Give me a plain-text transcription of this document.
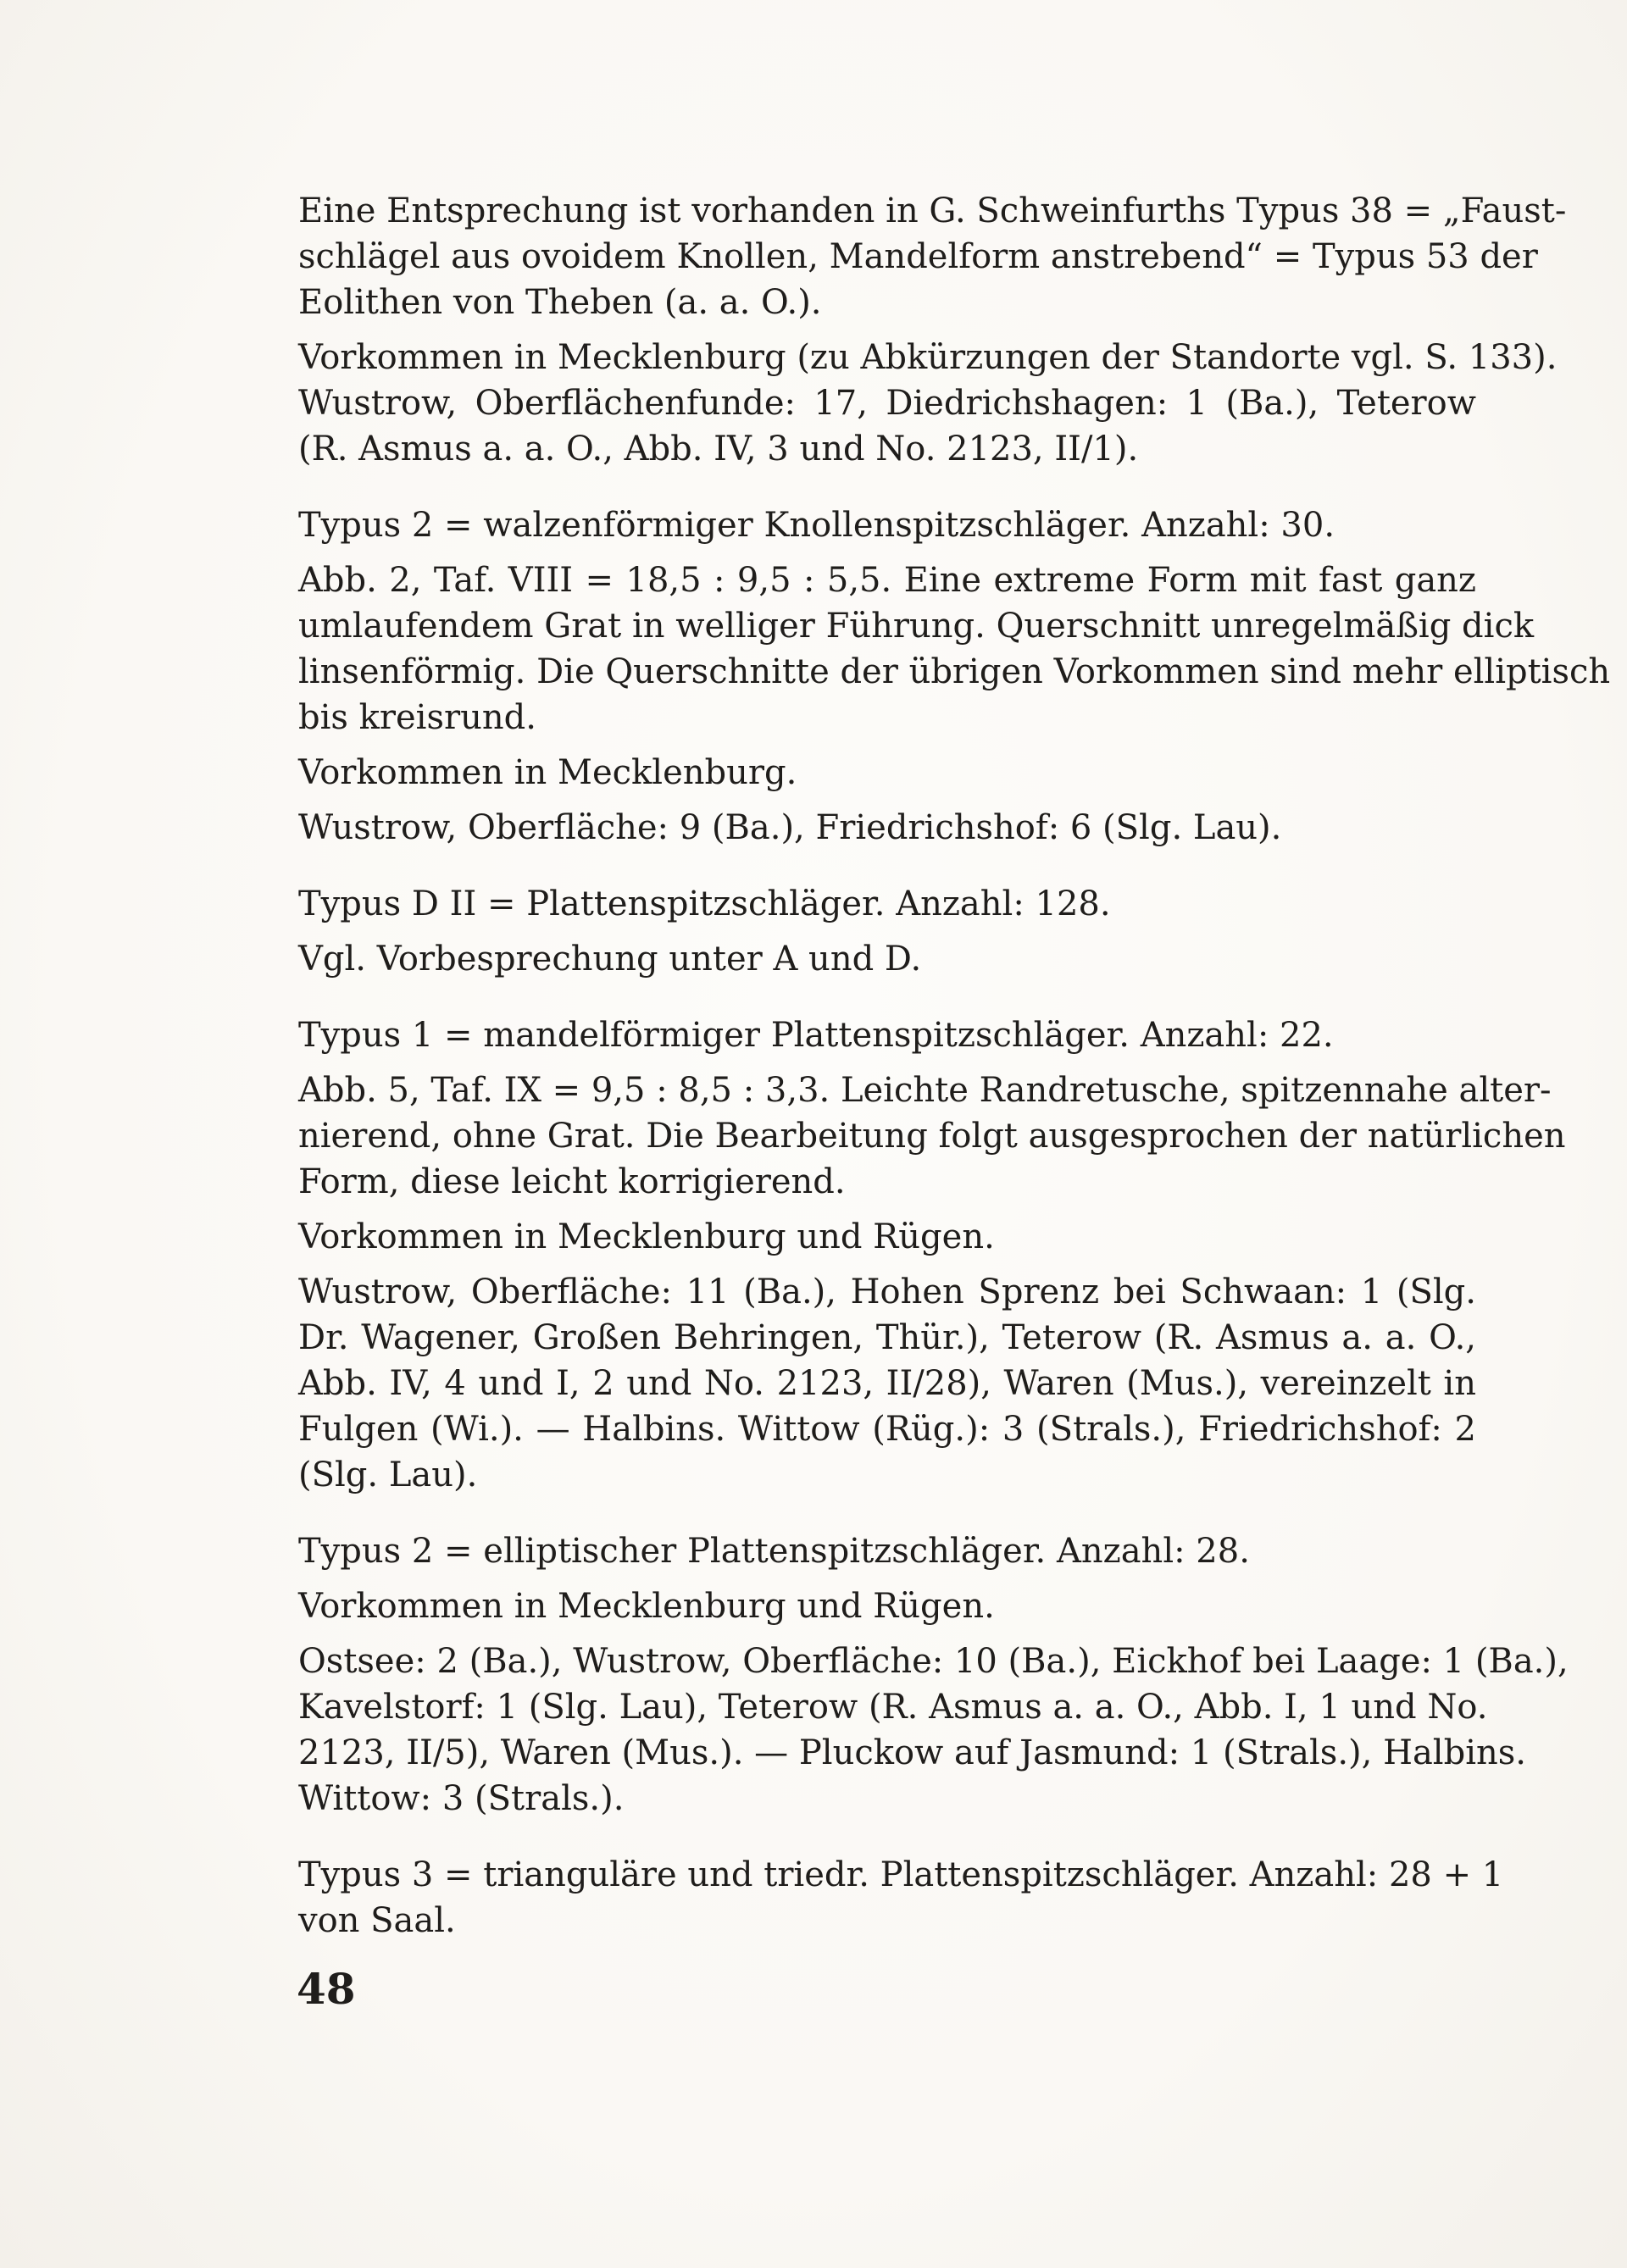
Eine Entsprechung ist vorhanden in G. Schweinfurths Typus 38 = „Faust-
schlägel aus ovoidem Knollen, Mandelform anstrebend“ = Typus 53 der
Eolithen von Theben (a. a. O.).
Vorkommen in Mecklenburg (zu Abkürzungen der Standorte vgl. S. 133).
Wustrow, Oberflächenfunde: 17, Diedrichshagen: 1 (Ba.), Teterow
(R. Asmus a. a. O., Abb. IV, 3 und No. 2123, II/1).
Typus 2 = walzenförmiger Knollenspitzschläger. Anzahl: 30.
Abb. 2, Taf. VIII = 18,5 : 9,5 : 5,5. Eine extreme Form mit fast ganz
umlaufendem Grat in welliger Führung. Querschnitt unregelmäßig dick
linsenförmig. Die Querschnitte der übrigen Vorkommen sind mehr elliptisch
bis kreisrund.
Vorkommen in Mecklenburg.
Wustrow, Oberfläche: 9 (Ba.), Friedrichshof: 6 (Slg. Lau).
Typus D II = Plattenspitzschläger. Anzahl: 128.
Vgl. Vorbesprechung unter A und D.
Typus 1 = mandelförmiger Plattenspitzschläger. Anzahl: 22.
Abb. 5, Taf. IX = 9,5 : 8,5 : 3,3. Leichte Randretusche, spitzennahe alter-
nierend, ohne Grat. Die Bearbeitung folgt ausgesprochen der natürlichen
Form, diese leicht korrigierend.
Vorkommen in Mecklenburg und Rügen.
Wustrow, Oberfläche: 11 (Ba.), Hohen Sprenz bei Schwaan: 1 (Slg.
Dr. Wagener, Großen Behringen, Thür.), Teterow (R. Asmus a. a. O.,
Abb. IV, 4 und I, 2 und No. 2123, II/28), Waren (Mus.), vereinzelt in
Fulgen (Wi.). — Halbins. Wittow (Rüg.): 3 (Strals.), Friedrichshof: 2
(Slg. Lau).
Typus 2 = elliptischer Plattenspitzschläger. Anzahl: 28.
Vorkommen in Mecklenburg und Rügen.
Ostsee: 2 (Ba.), Wustrow, Oberfläche: 10 (Ba.), Eickhof bei Laage: 1 (Ba.),
Kavelstorf: 1 (Slg. Lau), Teterow (R. Asmus a. a. O., Abb. I, 1 und No.
2123, II/5), Waren (Mus.). — Pluckow auf Jasmund: 1 (Strals.), Halbins.
Wittow: 3 (Strals.).
Typus 3 = trianguläre und triedr. Plattenspitzschläger. Anzahl: 28 + 1
von Saal.
48
